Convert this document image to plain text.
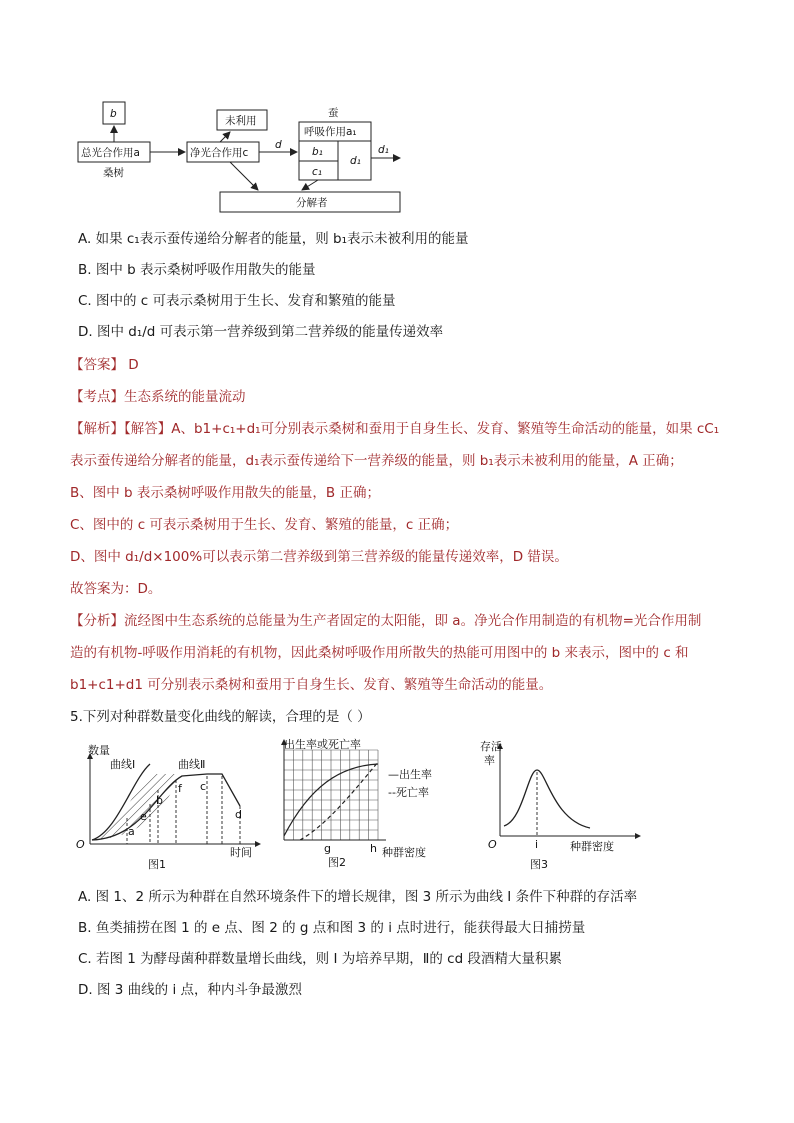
b
总光合作用a
桑树
净光合作用c
未利用
d
蚕
呼吸作用a₁
b₁
c₁
d₁
d₁
分解者
A. 如果 c₁表示蚕传递给分解者的能量，则 b₁表示未被利用的能量
B. 图中 b 表示桑树呼吸作用散失的能量
C. 图中的 c 可表示桑树用于生长、发育和繁殖的能量
D. 图中 d₁/d 可表示第一营养级到第二营养级的能量传递效率
【答案】 D
【考点】生态系统的能量流动
【解析】【解答】A、b1+c₁+d₁可分别表示桑树和蚕用于自身生长、发育、繁殖等生命活动的能量，如果 cC₁
表示蚕传递给分解者的能量，d₁表示蚕传递给下一营养级的能量，则 b₁表示未被利用的能量，A 正确；
B、图中 b 表示桑树呼吸作用散失的能量，B 正确；
C、图中的 c 可表示桑树用于生长、发育、繁殖的能量，c 正确；
D、图中 d₁/d×100%可以表示第二营养级到第三营养级的能量传递效率，D 错误。
故答案为：D。
【分析】流经图中生态系统的总能量为生产者固定的太阳能，即 a。净光合作用制造的有机物=光合作用制
造的有机物-呼吸作用消耗的有机物，因此桑树呼吸作用所散失的热能可用图中的 b 来表示，图中的 c 和
b1+c1+d1 可分别表示桑树和蚕用于自身生长、发育、繁殖等生命活动的能量。
5.下列对种群数量变化曲线的解读，合理的是（ ）
数量
曲线Ⅰ	曲线Ⅱ
a
b
e
f c
d
O
时间
图1
出生率或死亡率
—出生率
--死亡率
g	h 种群密度
图2
存活
率
O	i	种群密度
图3
A. 图 1、2 所示为种群在自然环境条件下的增长规律，图 3 所示为曲线 I 条件下种群的存活率
B. 鱼类捕捞在图 1 的 e 点、图 2 的 g 点和图 3 的 i 点时进行，能获得最大日捕捞量
C. 若图 1 为酵母菌种群数量增长曲线，则 I 为培养早期，Ⅱ的 cd 段酒精大量积累
D. 图 3 曲线的 i 点，种内斗争最激烈
